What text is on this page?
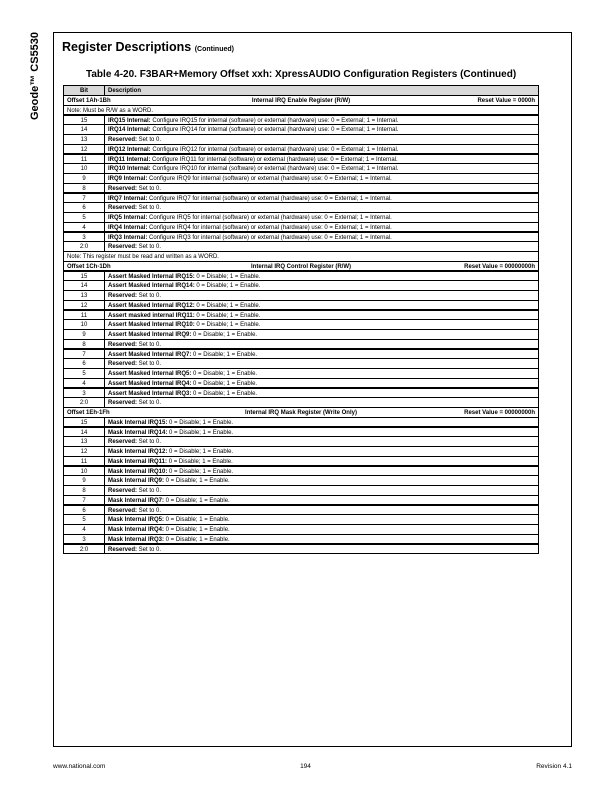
Geode™ CS5530 Register Descriptions (Continued)
Table 4-20. F3BAR+Memory Offset xxh: XpressAUDIO Configuration Registers (Continued)
Bit	Description
Offset 1Ah-1Bh	Internal IRQ Enable Register (R/W)	Reset Value = 0000h
Note: Must be R/W as a WORD.
15	IRQ15 Internal: Configure IRQ15 for internal (software) or external (hardware) use: 0 = External; 1 = Internal.
14	IRQ14 Internal: Configure IRQ14 for internal (software) or external (hardware) use: 0 = External; 1 = Internal.
13	Reserved: Set to 0.
12	IRQ12 Internal: Configure IRQ12 for internal (software) or external (hardware) use: 0 = External; 1 = Internal.
11	IRQ11 Internal: Configure IRQ11 for internal (software) or external (hardware) use: 0 = External; 1 = Internal.
10	IRQ10 Internal: Configure IRQ10 for internal (software) or external (hardware) use: 0 = External; 1 = Internal.
9	IRQ9 Internal: Configure IRQ9 for internal (software) or external (hardware) use: 0 = External; 1 = Internal.
8	Reserved: Set to 0.
7	IRQ7 Internal: Configure IRQ7 for internal (software) or external (hardware) use: 0 = External; 1 = Internal.
6	Reserved: Set to 0.
5	IRQ5 Internal: Configure IRQ5 for internal (software) or external (hardware) use: 0 = External; 1 = Internal.
4	IRQ4 Internal: Configure IRQ4 for internal (software) or external (hardware) use: 0 = External; 1 = Internal.
3	IRQ3 Internal: Configure IRQ3 for internal (software) or external (hardware) use: 0 = External; 1 = Internal.
2:0	Reserved: Set to 0.
Note: This register must be read and written as a WORD.
Offset 1Ch-1Dh	Internal IRQ Control Register (R/W)	Reset Value = 00000000h
15	Assert Masked Internal IRQ15: 0 = Disable; 1 = Enable.
14	Assert Masked Internal IRQ14: 0 = Disable; 1 = Enable.
13	Reserved: Set to 0.
12	Assert Masked Internal IRQ12: 0 = Disable; 1 = Enable.
11	Assert masked internal IRQ11: 0 = Disable; 1 = Enable.
10	Assert Masked Internal IRQ10: 0 = Disable; 1 = Enable.
9	Assert Masked Internal IRQ9: 0 = Disable; 1 = Enable.
8	Reserved: Set to 0.
7	Assert Masked Internal IRQ7: 0 = Disable; 1 = Enable.
6	Reserved: Set to 0.
5	Assert Masked Internal IRQ5: 0 = Disable; 1 = Enable.
4	Assert Masked Internal IRQ4: 0 = Disable; 1 = Enable.
3	Assert Masked Internal IRQ3: 0 = Disable; 1 = Enable.
2:0	Reserved: Set to 0.
Offset 1Eh-1Fh	Internal IRQ Mask Register (Write Only)	Reset Value = 00000000h
15	Mask Internal IRQ15: 0 = Disable; 1 = Enable.
14	Mask Internal IRQ14: 0 = Disable; 1 = Enable.
13	Reserved: Set to 0.
12	Mask Internal IRQ12: 0 = Disable; 1 = Enable.
11	Mask Internal IRQ11: 0 = Disable; 1 = Enable.
10	Mask Internal IRQ10: 0 = Disable; 1 = Enable.
9	Mask Internal IRQ9: 0 = Disable; 1 = Enable.
8	Reserved: Set to 0.
7	Mask Internal IRQ7: 0 = Disable; 1 = Enable.
6	Reserved: Set to 0.
5	Mask Internal IRQ5: 0 = Disable; 1 = Enable.
4	Mask Internal IRQ4: 0 = Disable; 1 = Enable.
3	Mask Internal IRQ3: 0 = Disable; 1 = Enable.
2:0	Reserved: Set to 0.
www.national.com	194	Revision 4.1
